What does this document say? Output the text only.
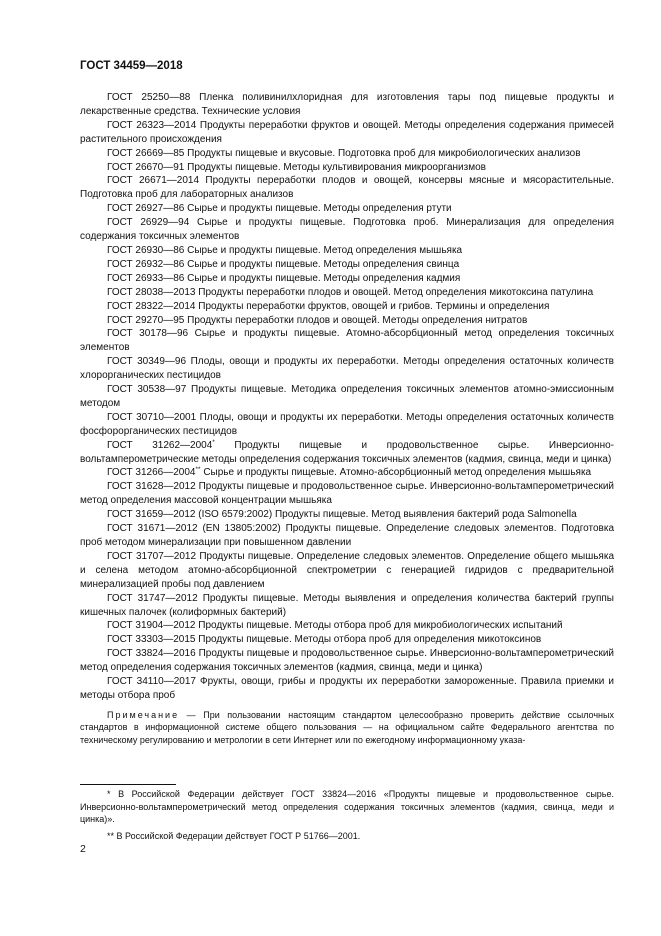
ГОСТ 34459—2018

ГОСТ 25250—88 Пленка поливинилхлоридная для изготовления тары под пищевые продукты и лекарственные средства. Технические условия

ГОСТ 26323—2014 Продукты переработки фруктов и овощей. Методы определения содержания примесей растительного происхождения

ГОСТ 26669—85 Продукты пищевые и вкусовые. Подготовка проб для микробиологических анализов

ГОСТ 26670—91 Продукты пищевые. Методы культивирования микроорганизмов

ГОСТ 26671—2014 Продукты переработки плодов и овощей, консервы мясные и мясорастительные. Подготовка проб для лабораторных анализов

ГОСТ 26927—86 Сырье и продукты пищевые. Методы определения ртути

ГОСТ 26929—94 Сырье и продукты пищевые. Подготовка проб. Минерализация для определения содержания токсичных элементов

ГОСТ 26930—86 Сырье и продукты пищевые. Метод определения мышьяка

ГОСТ 26932—86 Сырье и продукты пищевые. Методы определения свинца

ГОСТ 26933—86 Сырье и продукты пищевые. Методы определения кадмия

ГОСТ 28038—2013 Продукты переработки плодов и овощей. Метод определения микотоксина патулина

ГОСТ 28322—2014 Продукты переработки фруктов, овощей и грибов. Термины и определения

ГОСТ 29270—95 Продукты переработки плодов и овощей. Методы определения нитратов

ГОСТ 30178—96 Сырье и продукты пищевые. Атомно-абсорбционный метод определения токсичных элементов

ГОСТ 30349—96 Плоды, овощи и продукты их переработки. Методы определения остаточных количеств хлорорганических пестицидов

ГОСТ 30538—97 Продукты пищевые. Методика определения токсичных элементов атомно-эмиссионным методом

ГОСТ 30710—2001 Плоды, овощи и продукты их переработки. Методы определения остаточных количеств фосфорорганических пестицидов

ГОСТ 31262—2004* Продукты пищевые и продовольственное сырье. Инверсионно-вольтамперометрические методы определения содержания токсичных элементов (кадмия, свинца, меди и цинка)

ГОСТ 31266—2004** Сырье и продукты пищевые. Атомно-абсорбционный метод определения мышьяка

ГОСТ 31628—2012 Продукты пищевые и продовольственное сырье. Инверсионно-вольтамперометрический метод определения массовой концентрации мышьяка

ГОСТ 31659—2012 (ISO 6579:2002) Продукты пищевые. Метод выявления бактерий рода Salmonella

ГОСТ 31671—2012 (EN 13805:2002) Продукты пищевые. Определение следовых элементов. Подготовка проб методом минерализации при повышенном давлении

ГОСТ 31707—2012 Продукты пищевые. Определение следовых элементов. Определение общего мышьяка и селена методом атомно-абсорбционной спектрометрии с генерацией гидридов с предварительной минерализацией пробы под давлением

ГОСТ 31747—2012 Продукты пищевые. Методы выявления и определения количества бактерий группы кишечных палочек (колиформных бактерий)

ГОСТ 31904—2012 Продукты пищевые. Методы отбора проб для микробиологических испытаний

ГОСТ 33303—2015 Продукты пищевые. Методы отбора проб для определения микотоксинов

ГОСТ 33824—2016 Продукты пищевые и продовольственное сырье. Инверсионно-вольтамперометрический метод определения содержания токсичных элементов (кадмия, свинца, меди и цинка)

ГОСТ 34110—2017 Фрукты, овощи, грибы и продукты их переработки замороженные. Правила приемки и методы отбора проб

Примечание — При пользовании настоящим стандартом целесообразно проверить действие ссылочных стандартов в информационной системе общего пользования — на официальном сайте Федерального агентства по техническому регулированию и метрологии в сети Интернет или по ежегодному информационному указа-

* В Российской Федерации действует ГОСТ 33824—2016 «Продукты пищевые и продовольственное сырье. Инверсионно-вольтамперометрический метод определения содержания токсичных элементов (кадмия, свинца, меди и цинка)».

** В Российской Федерации действует ГОСТ Р 51766—2001.

2
